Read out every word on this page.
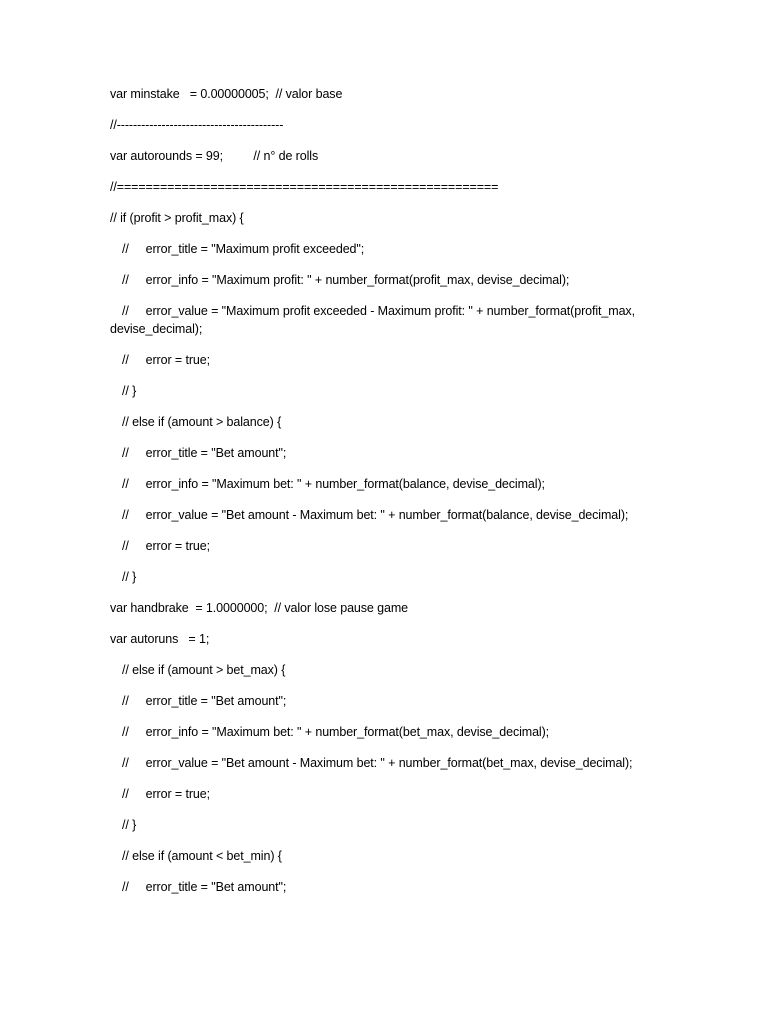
var minstake   = 0.00000005;  // valor base

//-----------------------------------------

var autorounds = 99;         // n° de rolls

//=====================================================

// if (profit > profit_max) {

//     error_title = "Maximum profit exceeded";

//     error_info = "Maximum profit: " + number_format(profit_max, devise_decimal);

//     error_value = "Maximum profit exceeded - Maximum profit: " + number_format(profit_max, devise_decimal);

//     error = true;

// }

// else if (amount > balance) {

//     error_title = "Bet amount";

//     error_info = "Maximum bet: " + number_format(balance, devise_decimal);

//     error_value = "Bet amount - Maximum bet: " + number_format(balance, devise_decimal);

//     error = true;

// }

var handbrake  = 1.0000000;  // valor lose pause game

var autoruns   = 1;

// else if (amount > bet_max) {

//     error_title = "Bet amount";

//     error_info = "Maximum bet: " + number_format(bet_max, devise_decimal);

//     error_value = "Bet amount - Maximum bet: " + number_format(bet_max, devise_decimal);

//     error = true;

// }

// else if (amount < bet_min) {

//     error_title = "Bet amount";
